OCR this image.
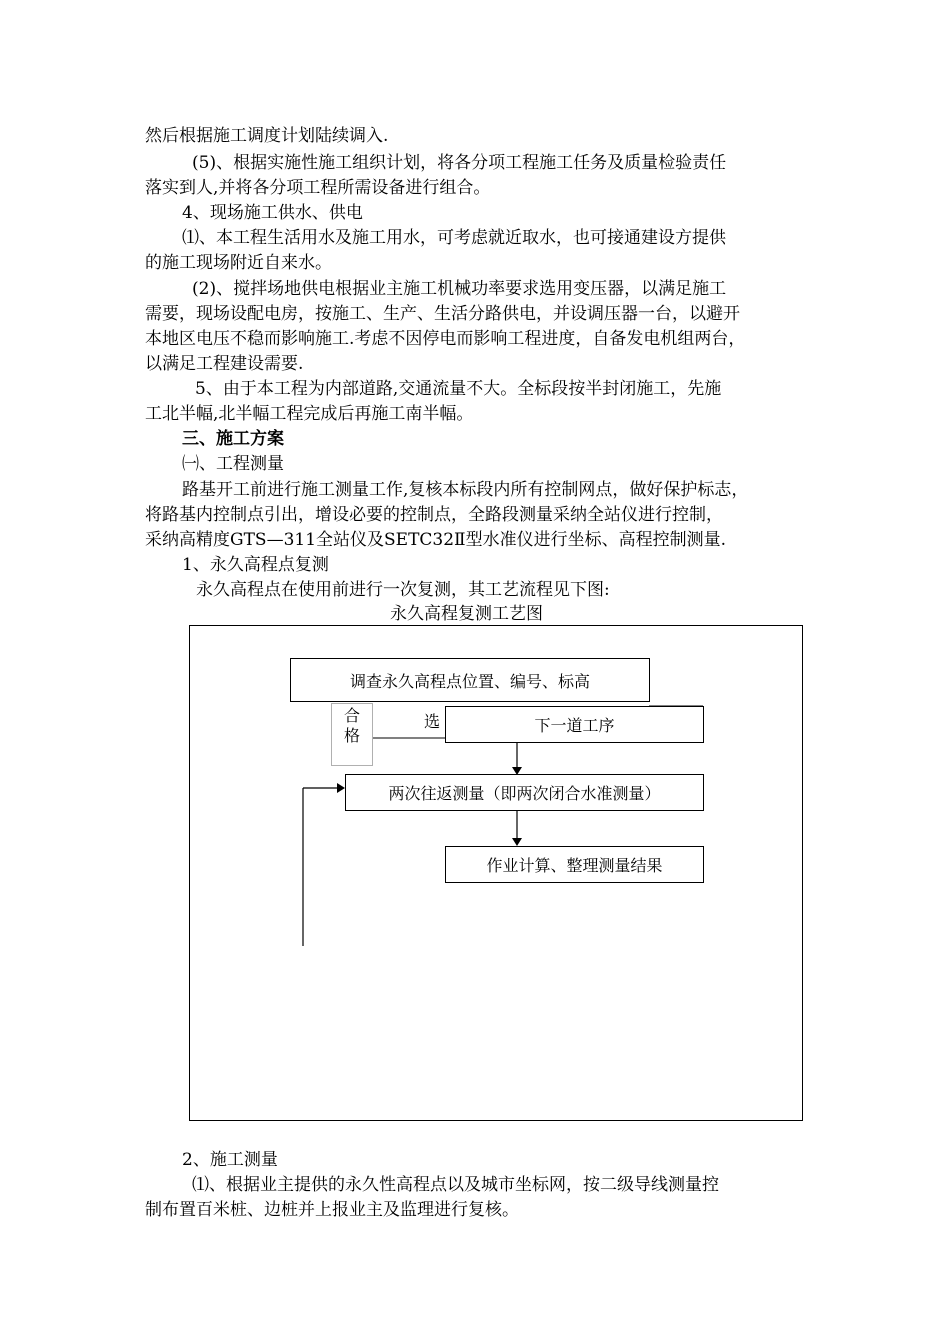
然后根据施工调度计划陆续调入.
(5)、根据实施性施工组织计划，将各分项工程施工任务及质量检验责任
落实到人,并将各分项工程所需设备进行组合。
4、现场施工供水、供电
⑴、本工程生活用水及施工用水，可考虑就近取水，也可接通建设方提供
的施工现场附近自来水。
(2)、搅拌场地供电根据业主施工机械功率要求选用变压器，以满足施工
需要，现场设配电房，按施工、生产、生活分路供电，并设调压器一台，以避开
本地区电压不稳而影响施工.考虑不因停电而影响工程进度，自备发电机组两台，
以满足工程建设需要.
5、由于本工程为内部道路,交通流量不大。全标段按半封闭施工，先施
工北半幅,北半幅工程完成后再施工南半幅。
三、施工方案
㈠、工程测量
路基开工前进行施工测量工作,复核本标段内所有控制网点，做好保护标志，
将路基内控制点引出，增设必要的控制点，全路段测量采纳全站仪进行控制，
采纳高精度GTS—311全站仪及SETC32Ⅱ型水准仪进行坐标、高程控制测量.
1、永久高程点复测
永久高程点在使用前进行一次复测，其工艺流程见下图:
永久高程复测工艺图
合格
选	下一道工序
调查永久高程点位置、编号、标高
两次往返测量（即两次闭合水准测量）
作业计算、整理测量结果
2、施工测量
⑴、根据业主提供的永久性高程点以及城市坐标网，按二级导线测量控
制布置百米桩、边桩并上报业主及监理进行复核。
